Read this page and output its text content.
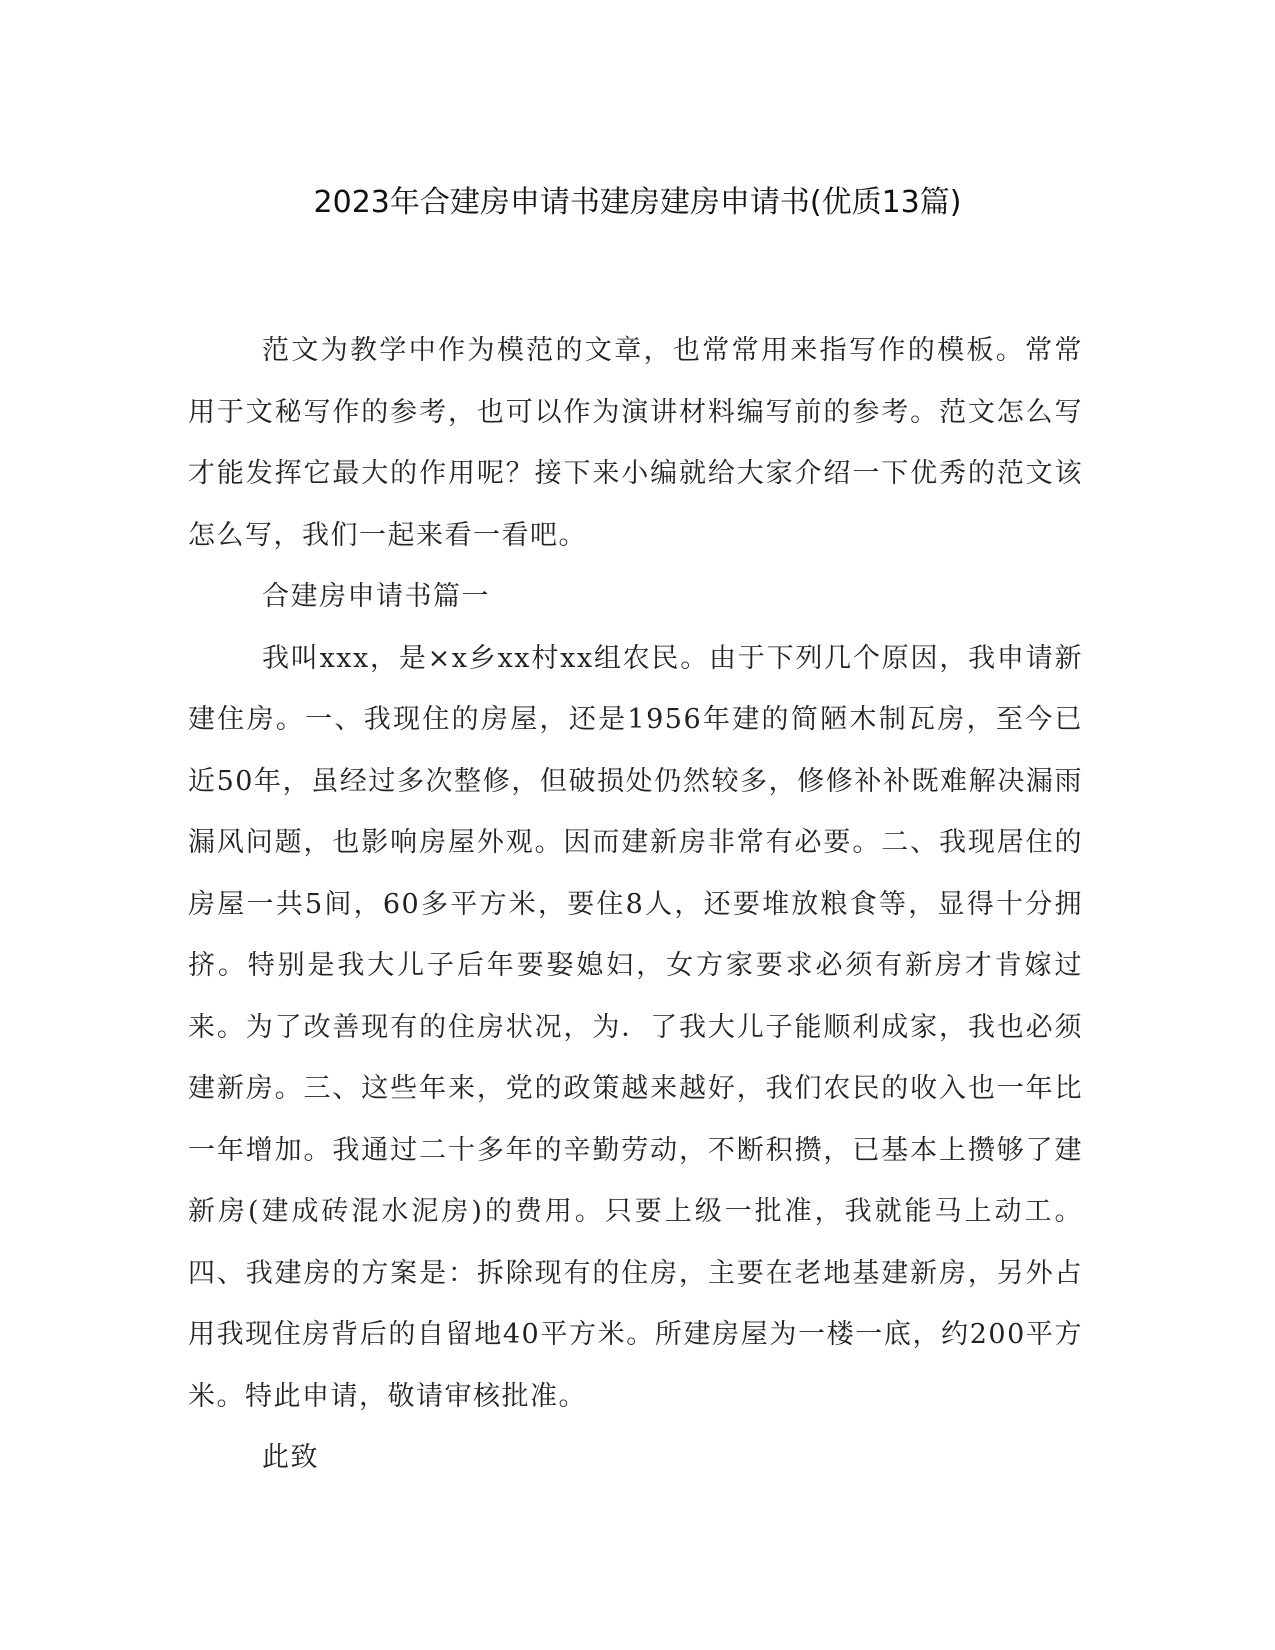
2023年合建房申请书建房建房申请书(优质13篇)

范文为教学中作为模范的文章，也常常用来指写作的模板。常常用于文秘写作的参考，也可以作为演讲材料编写前的参考。范文怎么写才能发挥它最大的作用呢？接下来小编就给大家介绍一下优秀的范文该怎么写，我们一起来看一看吧。

合建房申请书篇一

我叫xxx，是×x乡xx村xx组农民。由于下列几个原因，我申请新建住房。一、我现住的房屋，还是1956年建的简陋木制瓦房，至今已近50年，虽经过多次整修，但破损处仍然较多，修修补补既难解决漏雨漏风问题，也影响房屋外观。因而建新房非常有必要。二、我现居住的房屋一共5间，60多平方米，要住8人，还要堆放粮食等，显得十分拥挤。特别是我大儿子后年要娶媳妇，女方家要求必须有新房才肯嫁过来。为了改善现有的住房状况，为．了我大儿子能顺利成家，我也必须建新房。三、这些年来，党的政策越来越好，我们农民的收入也一年比一年增加。我通过二十多年的辛勤劳动，不断积攒，已基本上攒够了建新房(建成砖混水泥房)的费用。只要上级一批准，我就能马上动工。四、我建房的方案是：拆除现有的住房，主要在老地基建新房，另外占用我现住房背后的自留地40平方米。所建房屋为一楼一底，约200平方米。特此申请，敬请审核批准。

此致
